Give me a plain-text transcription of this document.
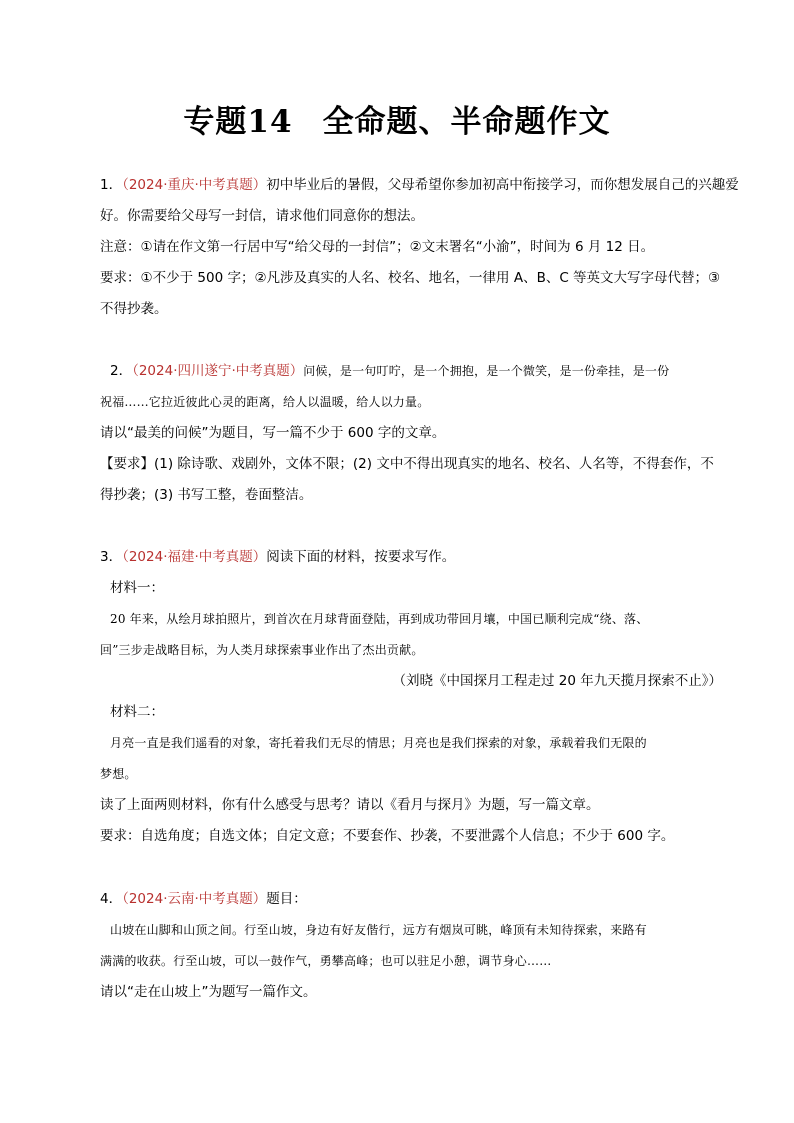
专题14 全命题、半命题作文
1．（2024·重庆·中考真题）初中毕业后的暑假，父母希望你参加初高中衔接学习，而你想发展自己的兴趣爱
好。你需要给父母写一封信，请求他们同意你的想法。
注意：①请在作文第一行居中写“给父母的一封信”；②文末署名“小渝”，时间为 6 月 12 日。
要求：①不少于 500 字；②凡涉及真实的人名、校名、地名，一律用 A、B、C 等英文大写字母代替；③
不得抄袭。
2．（2024·四川遂宁·中考真题）问候，是一句叮咛，是一个拥抱，是一个微笑，是一份牵挂，是一份
祝福……它拉近彼此心灵的距离，给人以温暖，给人以力量。
请以“最美的问候”为题目，写一篇不少于 600 字的文章。
【要求】(1) 除诗歌、戏剧外，文体不限；(2) 文中不得出现真实的地名、校名、人名等，不得套作，不
得抄袭；(3) 书写工整，卷面整洁。
3．（2024·福建·中考真题）阅读下面的材料，按要求写作。
材料一：
20 年来，从绘月球拍照片，到首次在月球背面登陆，再到成功带回月壤，中国已顺利完成“绕、落、
回”三步走战略目标，为人类月球探索事业作出了杰出贡献。
（刘晓《中国探月工程走过 20 年九天揽月探索不止》）
材料二：
月亮一直是我们遥看的对象，寄托着我们无尽的情思；月亮也是我们探索的对象，承载着我们无限的
梦想。
读了上面两则材料，你有什么感受与思考？请以《看月与探月》为题，写一篇文章。
要求：自选角度；自选文体；自定文意；不要套作、抄袭，不要泄露个人信息；不少于 600 字。
4．（2024·云南·中考真题）题目：
山坡在山脚和山顶之间。行至山坡，身边有好友偕行，远方有烟岚可眺，峰顶有未知待探索，来路有
满满的收获。行至山坡，可以一鼓作气，勇攀高峰；也可以驻足小憩，调节身心……
请以“走在山坡上”为题写一篇作文。
